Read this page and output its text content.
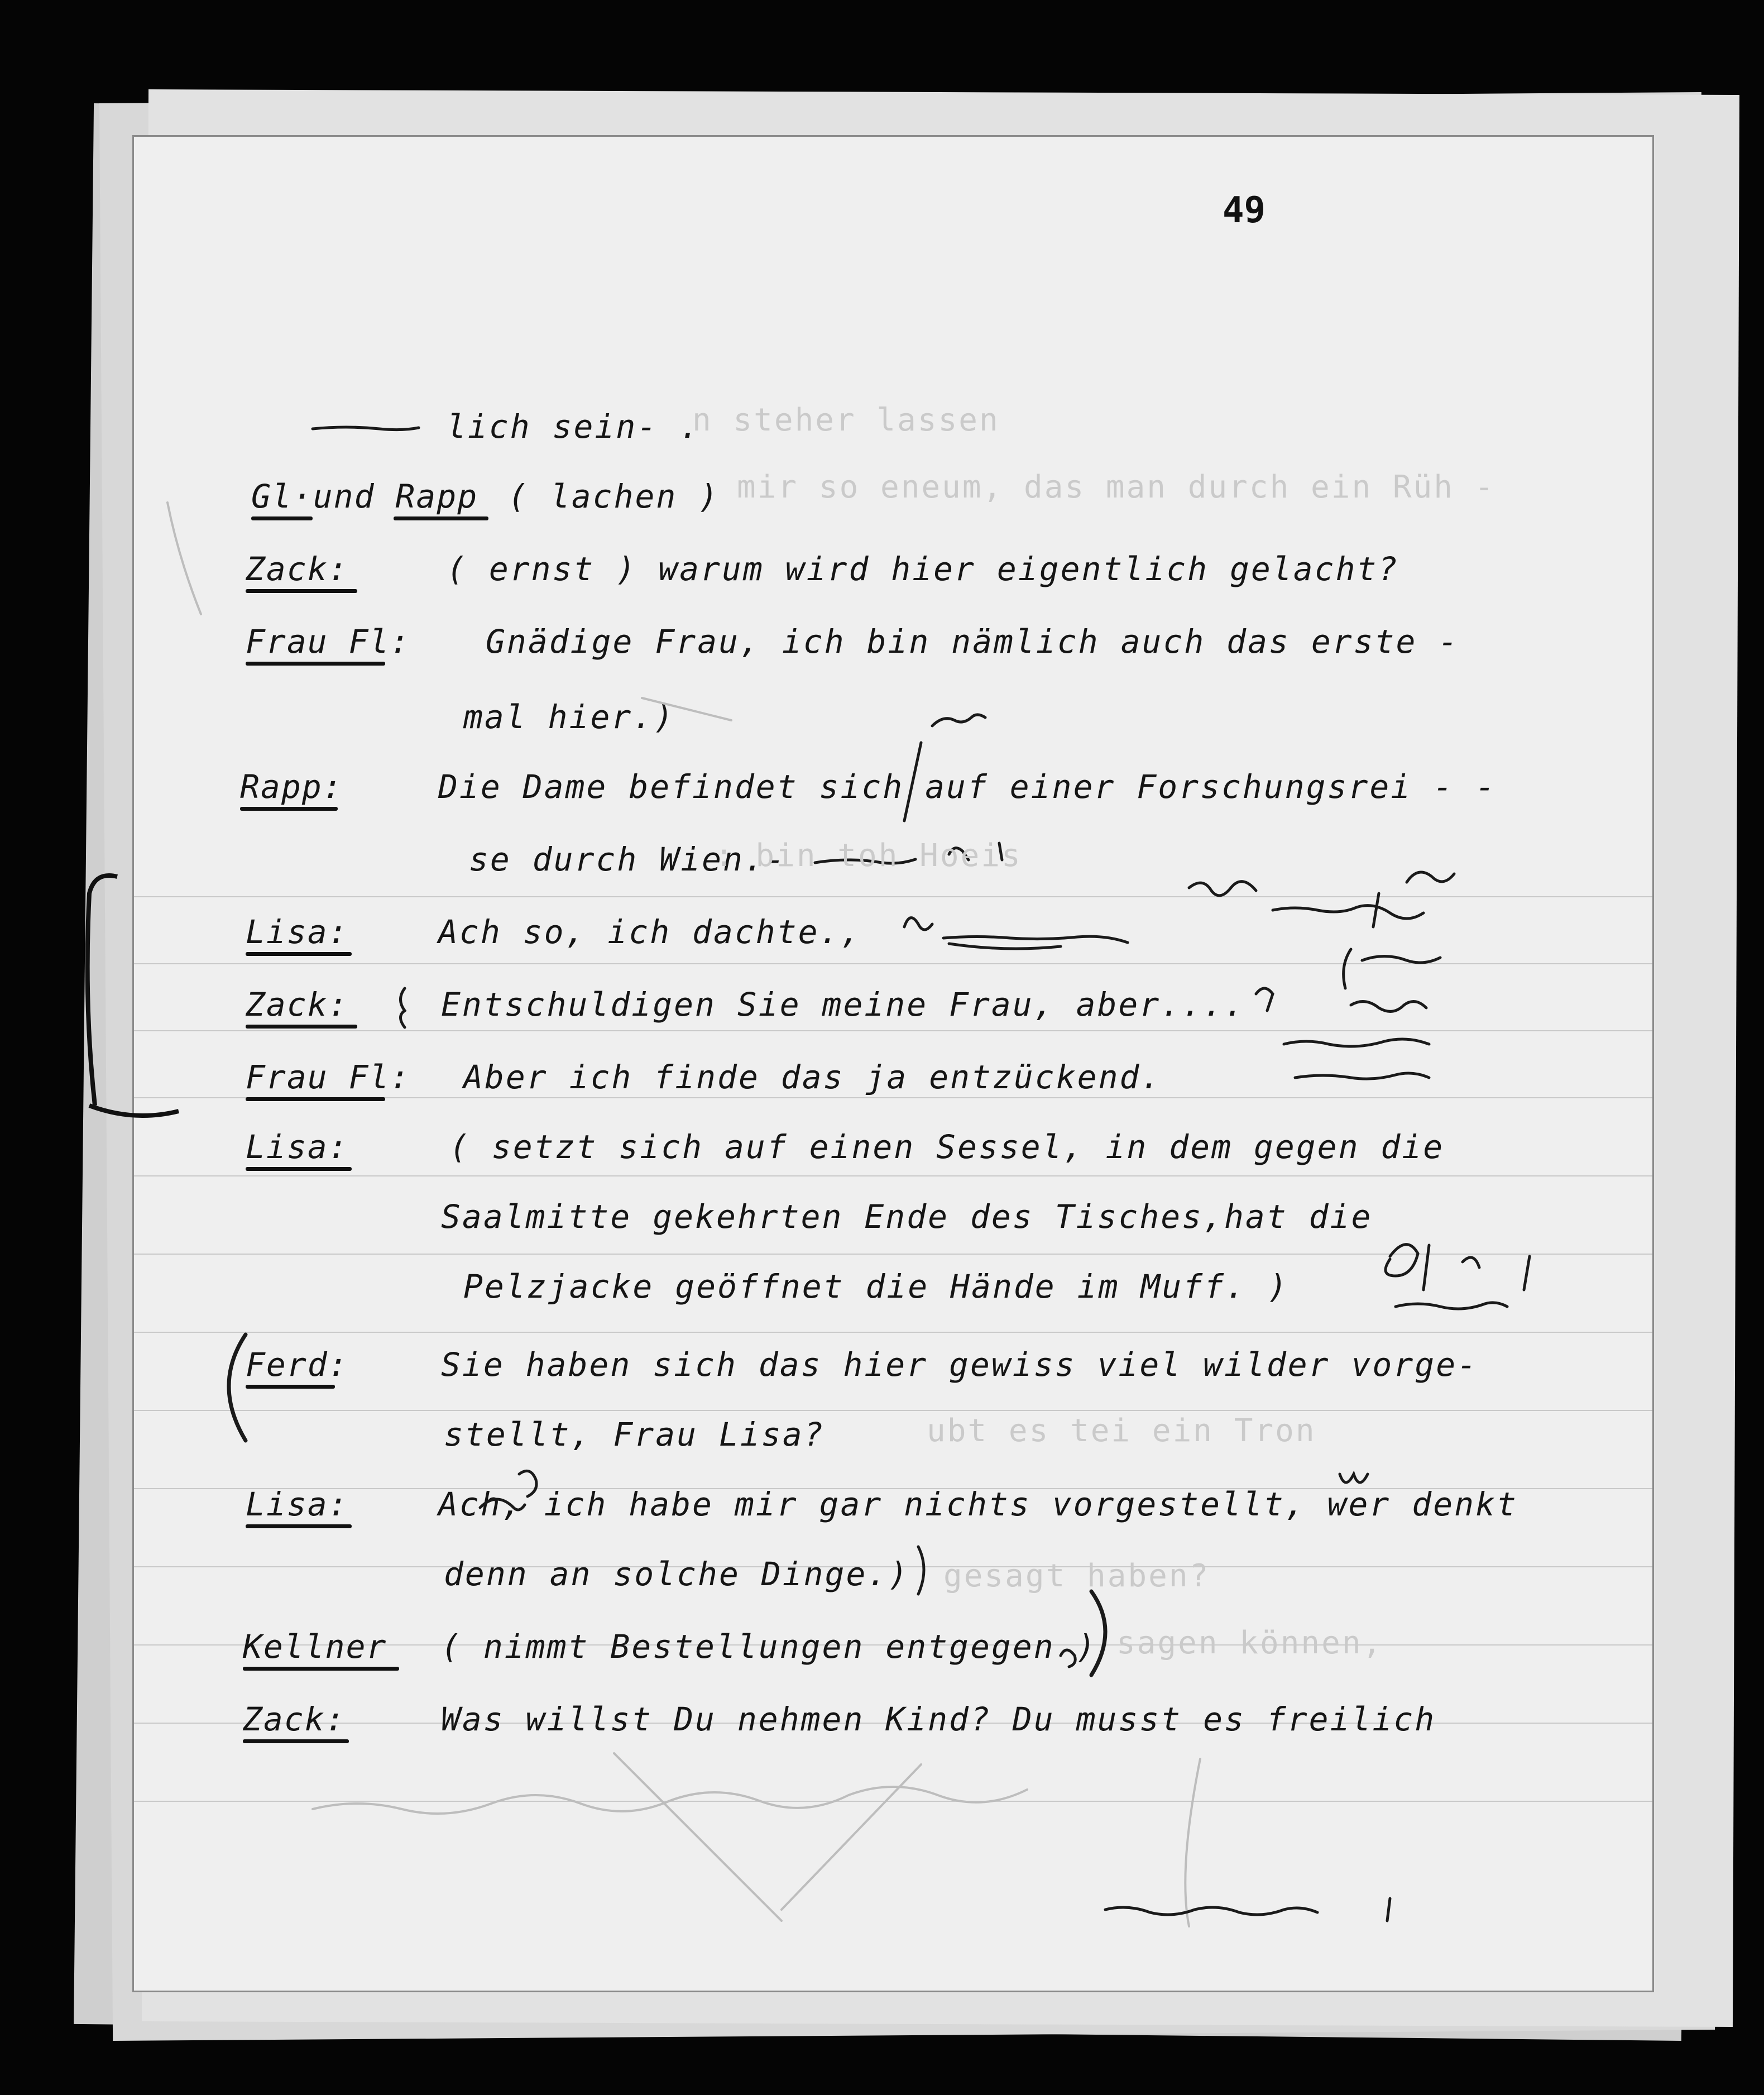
49
lich sein- .
Gl·und Rapp ( lachen )
Zack:	( ernst ) warum wird hier eigentlich gelacht?
Frau Fl: Gnädige Frau, ich bin nämlich auch das erste -
mal hier.)
Rapp:	Die Dame befindet sich auf einer Forschungsrei - -
se durch Wien.-
Lisa:	Ach so, ich dachte.,
Zack:	Entschuldigen Sie meine Frau, aber....
Frau Fl: Aber ich finde das ja entzückend.
Lisa:	( setzt sich auf einen Sessel, in dem gegen die
Saalmitte gekehrten Ende des Tisches,hat die
Pelzjacke geöffnet die Hände im Muff. )
Ferd:	Sie haben sich das hier gewiss viel wilder vorge-
stellt, Frau Lisa?
Lisa:	Ach, ich habe mir gar nichts vorgestellt, wer denkt
denn an solche Dinge.)
Kellner ( nimmt Bestellungen entgegen )
Zack:	Was willst Du nehmen Kind? Du musst es freilich
n steher lassen
mir so eneum, das man durch ein Rüh -
: bin toh Hoeis
ubt es tei ein Tron
gesagt haben?
sagen können,
